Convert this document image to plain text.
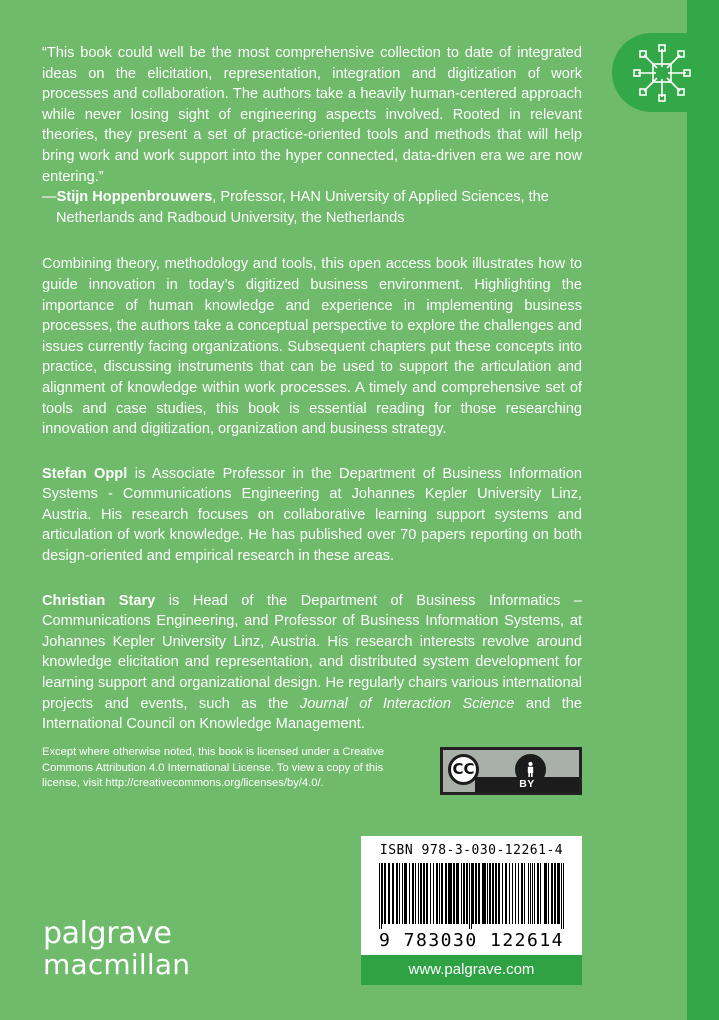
“This book could well be the most comprehensive collection to date of integrated ideas on the elicitation, representation, integration and digitization of work processes and collaboration. The authors take a heavily human-centered approach while never losing sight of engineering aspects involved. Rooted in relevant theories, they present a set of practice-oriented tools and methods that will help bring work and work support into the hyper connected, data-driven era we are now entering.”

—Stijn Hoppenbrouwers, Professor, HAN University of Applied Sciences, the Netherlands and Radboud University, the Netherlands

Combining theory, methodology and tools, this open access book illustrates how to guide innovation in today’s digitized business environment. Highlighting the importance of human knowledge and experience in implementing business processes, the authors take a conceptual perspective to explore the challenges and issues currently facing organizations. Subsequent chapters put these concepts into practice, discussing instruments that can be used to support the articulation and alignment of knowledge within work processes. A timely and comprehensive set of tools and case studies, this book is essential reading for those researching innovation and digitization, organization and business strategy.

Stefan Oppl is Associate Professor in the Department of Business Information Systems - Communications Engineering at Johannes Kepler University Linz, Austria. His research focuses on collaborative learning support systems and articulation of work knowledge. He has published over 70 papers reporting on both design-oriented and empirical research in these areas.

Christian Stary is Head of the Department of Business Informatics – Communications Engineering, and Professor of Business Information Systems, at Johannes Kepler University Linz, Austria. His research interests revolve around knowledge elicitation and representation, and distributed system development for learning support and organizational design. He regularly chairs various international projects and events, such as the Journal of Interaction Science and the International Council on Knowledge Management.

Except where otherwise noted, this book is licensed under a Creative Commons Attribution 4.0 International License. To view a copy of this license, visit http://creativecommons.org/licenses/by/4.0/.
CC
BY
ISBN 978-3-030-12261-4
9 783030 122614
www.palgrave.com
palgrave
macmillan
